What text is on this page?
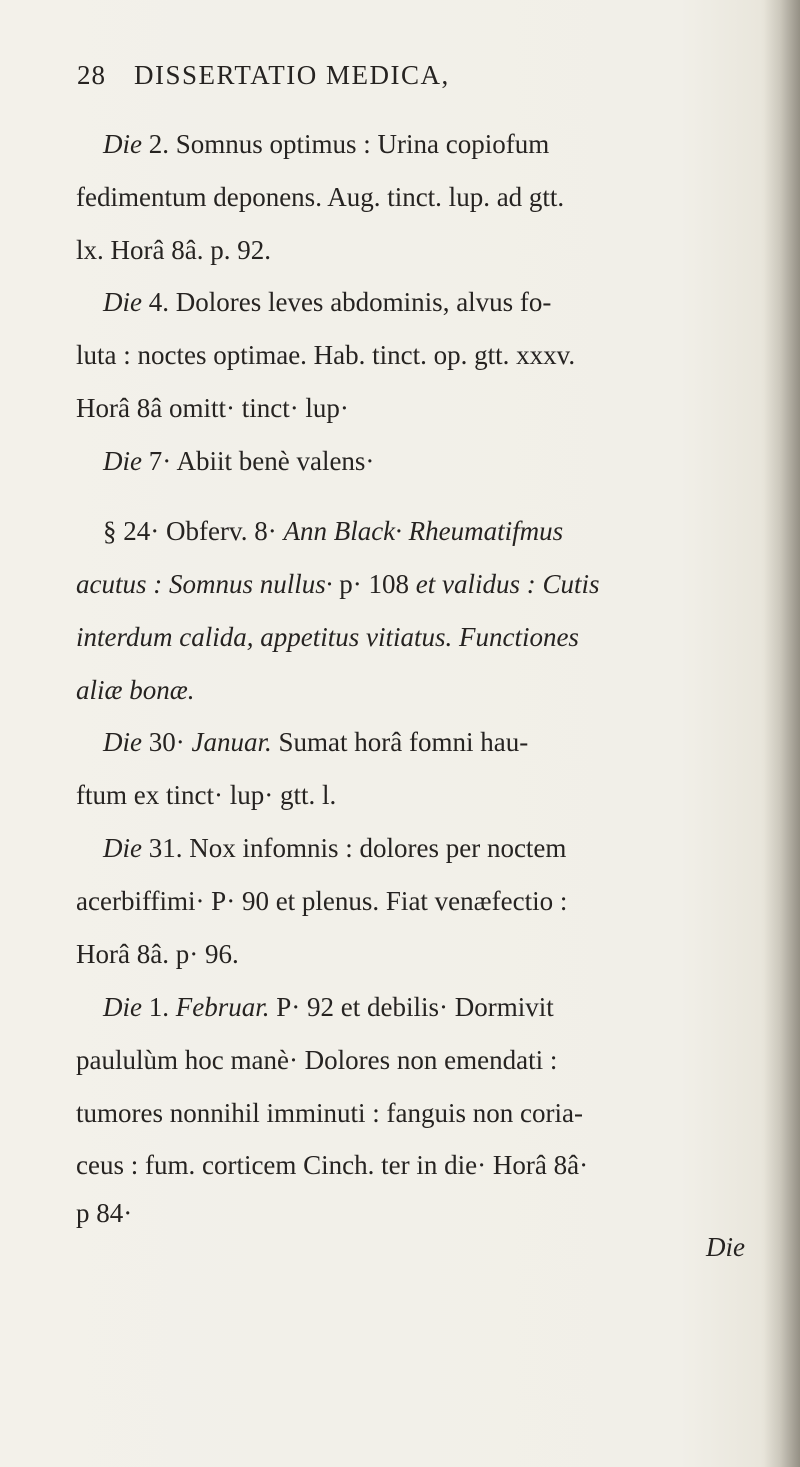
28 DISSERTATIO MEDICA,
Die 2. Somnus optimus : Urina copiofum
fedimentum deponens. Aug. tinct. lup. ad gtt.
lx. Horâ 8â. p. 92.
Die 4. Dolores leves abdominis, alvus fo-
luta : noctes optimae. Hab. tinct. op. gtt. xxxv.
Horâ 8â omitt· tinct· lup·
Die 7· Abiit benè valens·
§ 24· Obferv. 8· Ann Black· Rheumatifmus
acutus : Somnus nullus· p· 108 et validus : Cutis
interdum calida, appetitus vitiatus. Functiones
aliæ bonæ.
Die 30· Januar. Sumat horâ fomni hau-
ftum ex tinct· lup· gtt. l.
Die 31. Nox infomnis : dolores per noctem
acerbiffimi· P· 90 et plenus. Fiat venæfectio :
Horâ 8â. p· 96.
Die 1. Februar. P· 92 et debilis· Dormivit
paululùm hoc manè· Dolores non emendati :
tumores nonnihil imminuti : fanguis non coria-
ceus : fum. corticem Cinch. ter in die· Horâ 8â·
p 84·
Die
